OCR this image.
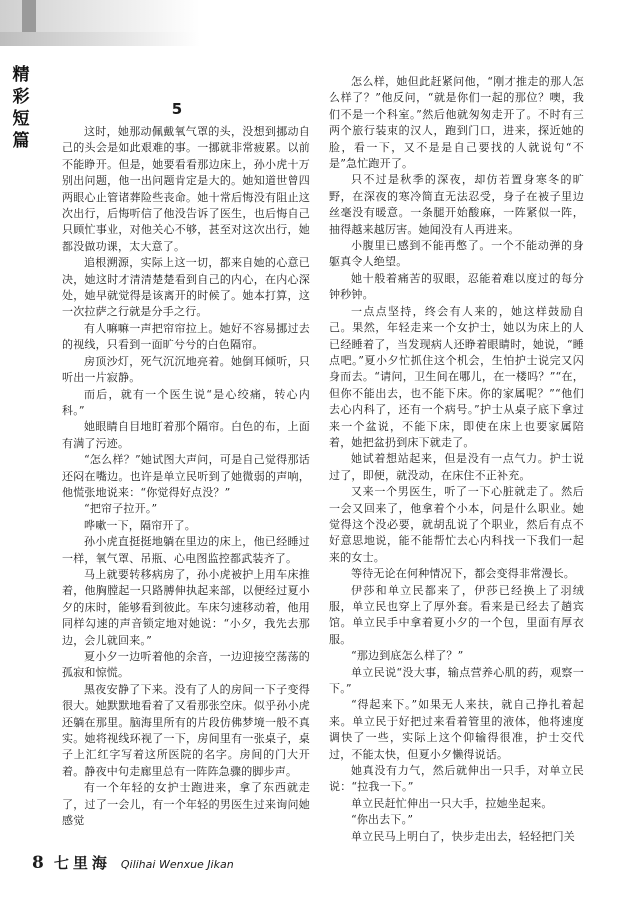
精
彩
短
篇
5

这时，她那动佩戴氧气罩的头，没想到挪动自己的头会是如此艰难的事。一挪就非常疲累。以前不能睁开。但是，她要看看那边床上，孙小虎十万别出问题，他一出问题肯定是大的。她知道世曾四两眼心止管诸葬险些丧命。她十常后悔没有阻止这次出行，后悔听信了他没告诉了医生，也后悔自己只顾忙事业，对他关心不够，甚至对这次出行，她都没做功课，太大意了。

追根溯源，实际上这一切，都来自她的心意已决，她这时才清清楚楚看到自己的内心，在内心深处，她早就觉得是该离开的时候了。她本打算，这一次拉萨之行就是分手之行。

有人嘛嘛一声把帘帘拉上。她好不容易挪过去的视线，只看到一面旷兮兮的白色隔帘。

房顶沙灯，死气沉沉地亮着。她倒耳倾听，只听出一片寂静。

而后，就有一个医生说“是心绞痛，转心内科。”

她眼睛自目地盯着那个隔帘。白色的布，上面有满了污迹。

“怎么样？”她试图大声问，可是自己觉得那话还闷在嘴边。也许是单立民听到了她微弱的声响，他慌张地说来：“你觉得好点没？”

“把帘子拉开。”

哗嗽一下，隔帘开了。

孙小虎直挺挺地躺在里边的床上，他已经睡过一样，氧气罩、吊瓶、心电图监控都武装齐了。

马上就要转移病房了，孙小虎被护上用车床推着，他胸膛起一只路膊伸执起来部，以便经过夏小夕的床时，能够看到彼此。车床匀速移动着，他用同样勾速的声音锁定地对她说：“小夕，我先去那边，会儿就回来。”

夏小夕一边听着他的余音，一边迎接空荡荡的孤寂和惊慌。

黑夜安静了下来。没有了人的房间一下子变得很大。她默默地看着了又看那张空床。似乎孙小虎还躺在那里。脑海里所有的片段仿佛梦境一般不真实。她将视线环视了一下，房间里有一张桌子，桌子上汇红字写着这所医院的名字。房间的门大开着。静夜中句走廊里总有一阵阵急骤的脚步声。

有一个年轻的女护士跑进来，拿了东西就走了，过了一会儿，有一个年轻的男医生过来询问她感觉

怎么样，她但此赶紧问他，“刚才推走的那人怎么样了？”他反问，“就是你们一起的那位？噢，我们不是一个科室。”然后他就匆匆走开了。不时有三两个旅行装束的汉人，跑到门口，进来，探近她的脸，看一下，又不是是自己要找的人就说句“不是”急忙跑开了。

只不过是秋季的深夜，却仿若置身寒冬的旷野，在深夜的寒冷简直无法忍受，身子在被子里边丝毫没有暖意。一条腿开始酸麻，一阵紧似一阵，抽得越来越厉害。她闻没有人再进来。

小腹里已感到不能再憋了。一个不能动弹的身躯真令人绝望。

她十般着痛苦的驭眼，忍能着难以度过的每分钟秒钟。

一点点坚持，终会有人来的，她这样鼓励自己。果然，年轻走来一个女护士，她以为床上的人已经睡着了，当发现病人还睁着眼睛时，她说，“睡点吧。”夏小夕忙抓住这个机会，生怕护士说完又闪身而去。“请问，卫生间在哪儿，在一楼吗？”“在，但你不能出去，也不能下床。你的家属呢？”“他们去心内科了，还有一个病号。”护士从桌子底下拿过来一个盆说，不能下床，即使在床上也要家属陪着，她把盆扔到床下就走了。

她试着想站起来，但是没有一点气力。护士说过了，即便，就没动，在床住不正补充。

又来一个男医生，听了一下心脏就走了。然后一会又回来了，他拿着个小本，问是什么职业。她觉得这个没必要，就胡乱说了个职业，然后有点不好意思地说，能不能帮忙去心内科找一下我们一起来的女士。

等待无论在何种情况下，都会变得非常漫长。

伊莎和单立民都来了，伊莎已经换上了羽绒服，单立民也穿上了厚外套。看来是已经去了趟宾馆。单立民手中拿着夏小夕的一个包，里面有厚衣服。

“那边到底怎么样了？”

单立民说“没大事，输点营养心肌的药，观察一下。”

“得起来下。”如果无人来扶，就自己挣扎着起来。单立民于好把过来看着管里的液体，他将速度调快了一些，实际上这个仰输得很准，护士交代过，不能太快，但夏小夕懒得说话。

她真没有力气，然后就伸出一只手，对单立民说：“拉我一下。”

单立民赶忙伸出一只大手，拉她坐起来。

“你出去下。”

单立民马上明白了，快步走出去，轻轻把门关

8 七里海 Qilihai Wenxue Jikan
